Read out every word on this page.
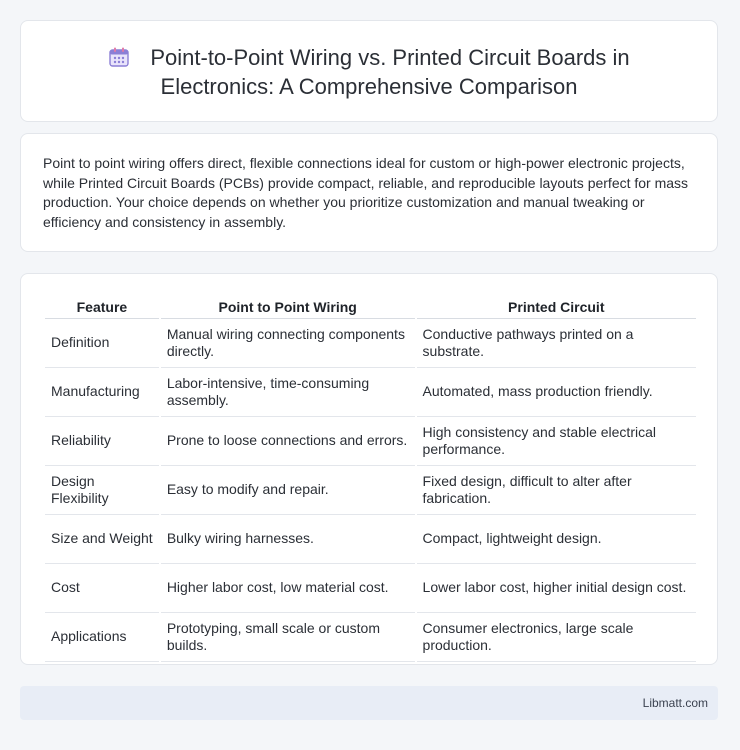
Point-to-Point Wiring vs. Printed Circuit Boards in
Electronics: A Comprehensive Comparison
Point to point wiring offers direct, flexible connections ideal for custom or high-power electronic projects, while Printed Circuit Boards (PCBs) provide compact, reliable, and reproducible layouts perfect for mass production. Your choice depends on whether you prioritize customization and manual tweaking or efficiency and consistency in assembly.
Feature	Point to Point Wiring	Printed Circuit
Definition	Manual wiring connecting components directly.	Conductive pathways printed on a substrate.
Manufacturing	Labor-intensive, time-consuming assembly.	Automated, mass production friendly.
Reliability	Prone to loose connections and errors.	High consistency and stable electrical performance.
Design Flexibility	Easy to modify and repair.	Fixed design, difficult to alter after fabrication.
Size and Weight	Bulky wiring harnesses.	Compact, lightweight design.
Cost	Higher labor cost, low material cost.	Lower labor cost, higher initial design cost.
Applications	Prototyping, small scale or custom builds.	Consumer electronics, large scale production.
Libmatt.com
